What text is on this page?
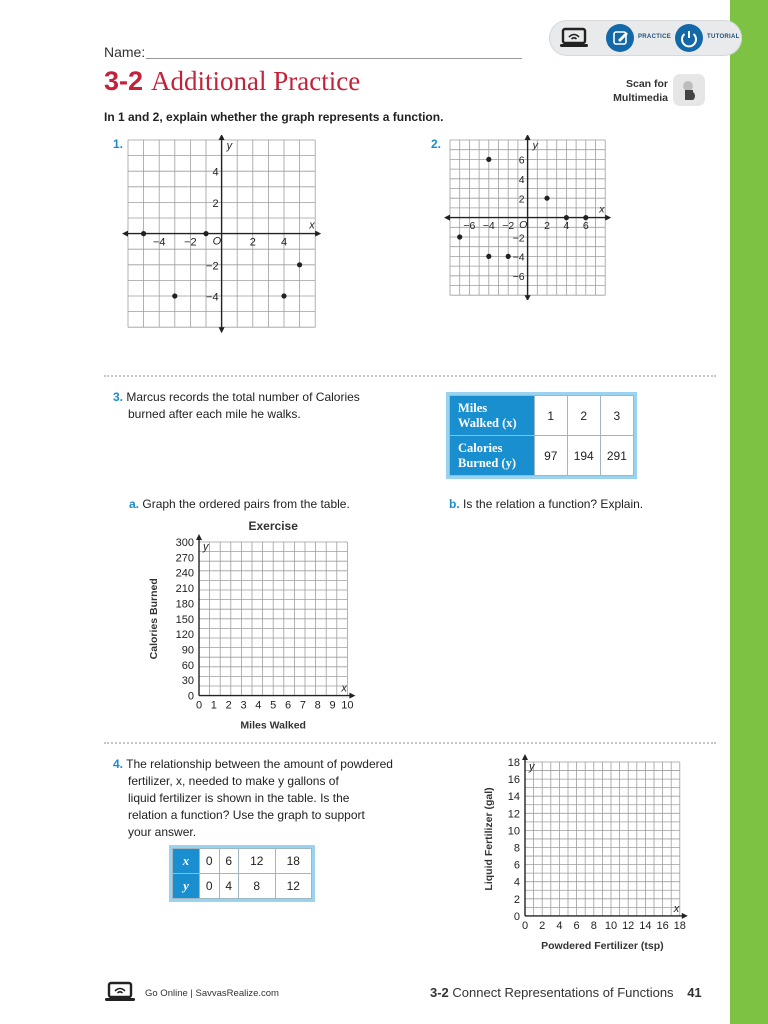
PRACTICE	TUTORIAL
Name:
3-2 Additional Practice	Scan for
Multimedia
In 1 and 2, explain whether the graph represents a function.
1.
x
y
O
−4 −2	2 4
4
2
−2
−4
2.
x
y
O
−6 −4 −2	2 4 6
6
4
2
−2
−4
−6
3. Marcus records the total number of Calories
burned after each mile he walks.	Miles
Walked (x)	1	2	3

Calories
Burned (y)	97	194	291
a. Graph the ordered pairs from the table.	b. Is the relation a function? Explain.
x
y
0 1 2 3 4 5 6 7 8 9 10
300
270
240
210
180
150
120
90
60
30
0
Exercise
Miles Walked
Calories Burned
4. The relationship between the amount of powdered
fertilizer, x, needed to make y gallons of
liquid fertilizer is shown in the table. Is the
relation a function? Use the graph to support
your answer.
x	0	6	12	18
y	0	4	8	12
x
y
0 2 4 6 8 10 12 14 16 18
18
16
14
12
10
8
6
4
2
0
Powdered Fertilizer (tsp)
Liquid Fertilizer (gal)
Go Online | SavvasRealize.com	3-2 Connect Representations of Functions 41
